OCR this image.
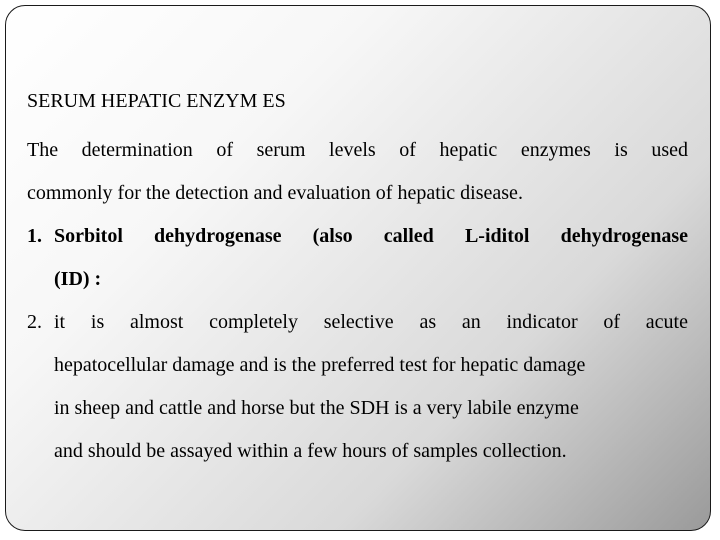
SERUM HEPATIC ENZYM ES
The determination of serum levels of hepatic enzymes is used
commonly for the detection and evaluation of hepatic disease.
1. Sorbitol dehydrogenase (also called L-iditol dehydrogenase
(ID) :
2. it is almost completely selective as an indicator of acute
hepatocellular damage and is the preferred test for hepatic damage
in sheep and cattle and horse but the SDH is a very labile enzyme
and should be assayed within a few hours of samples collection.
